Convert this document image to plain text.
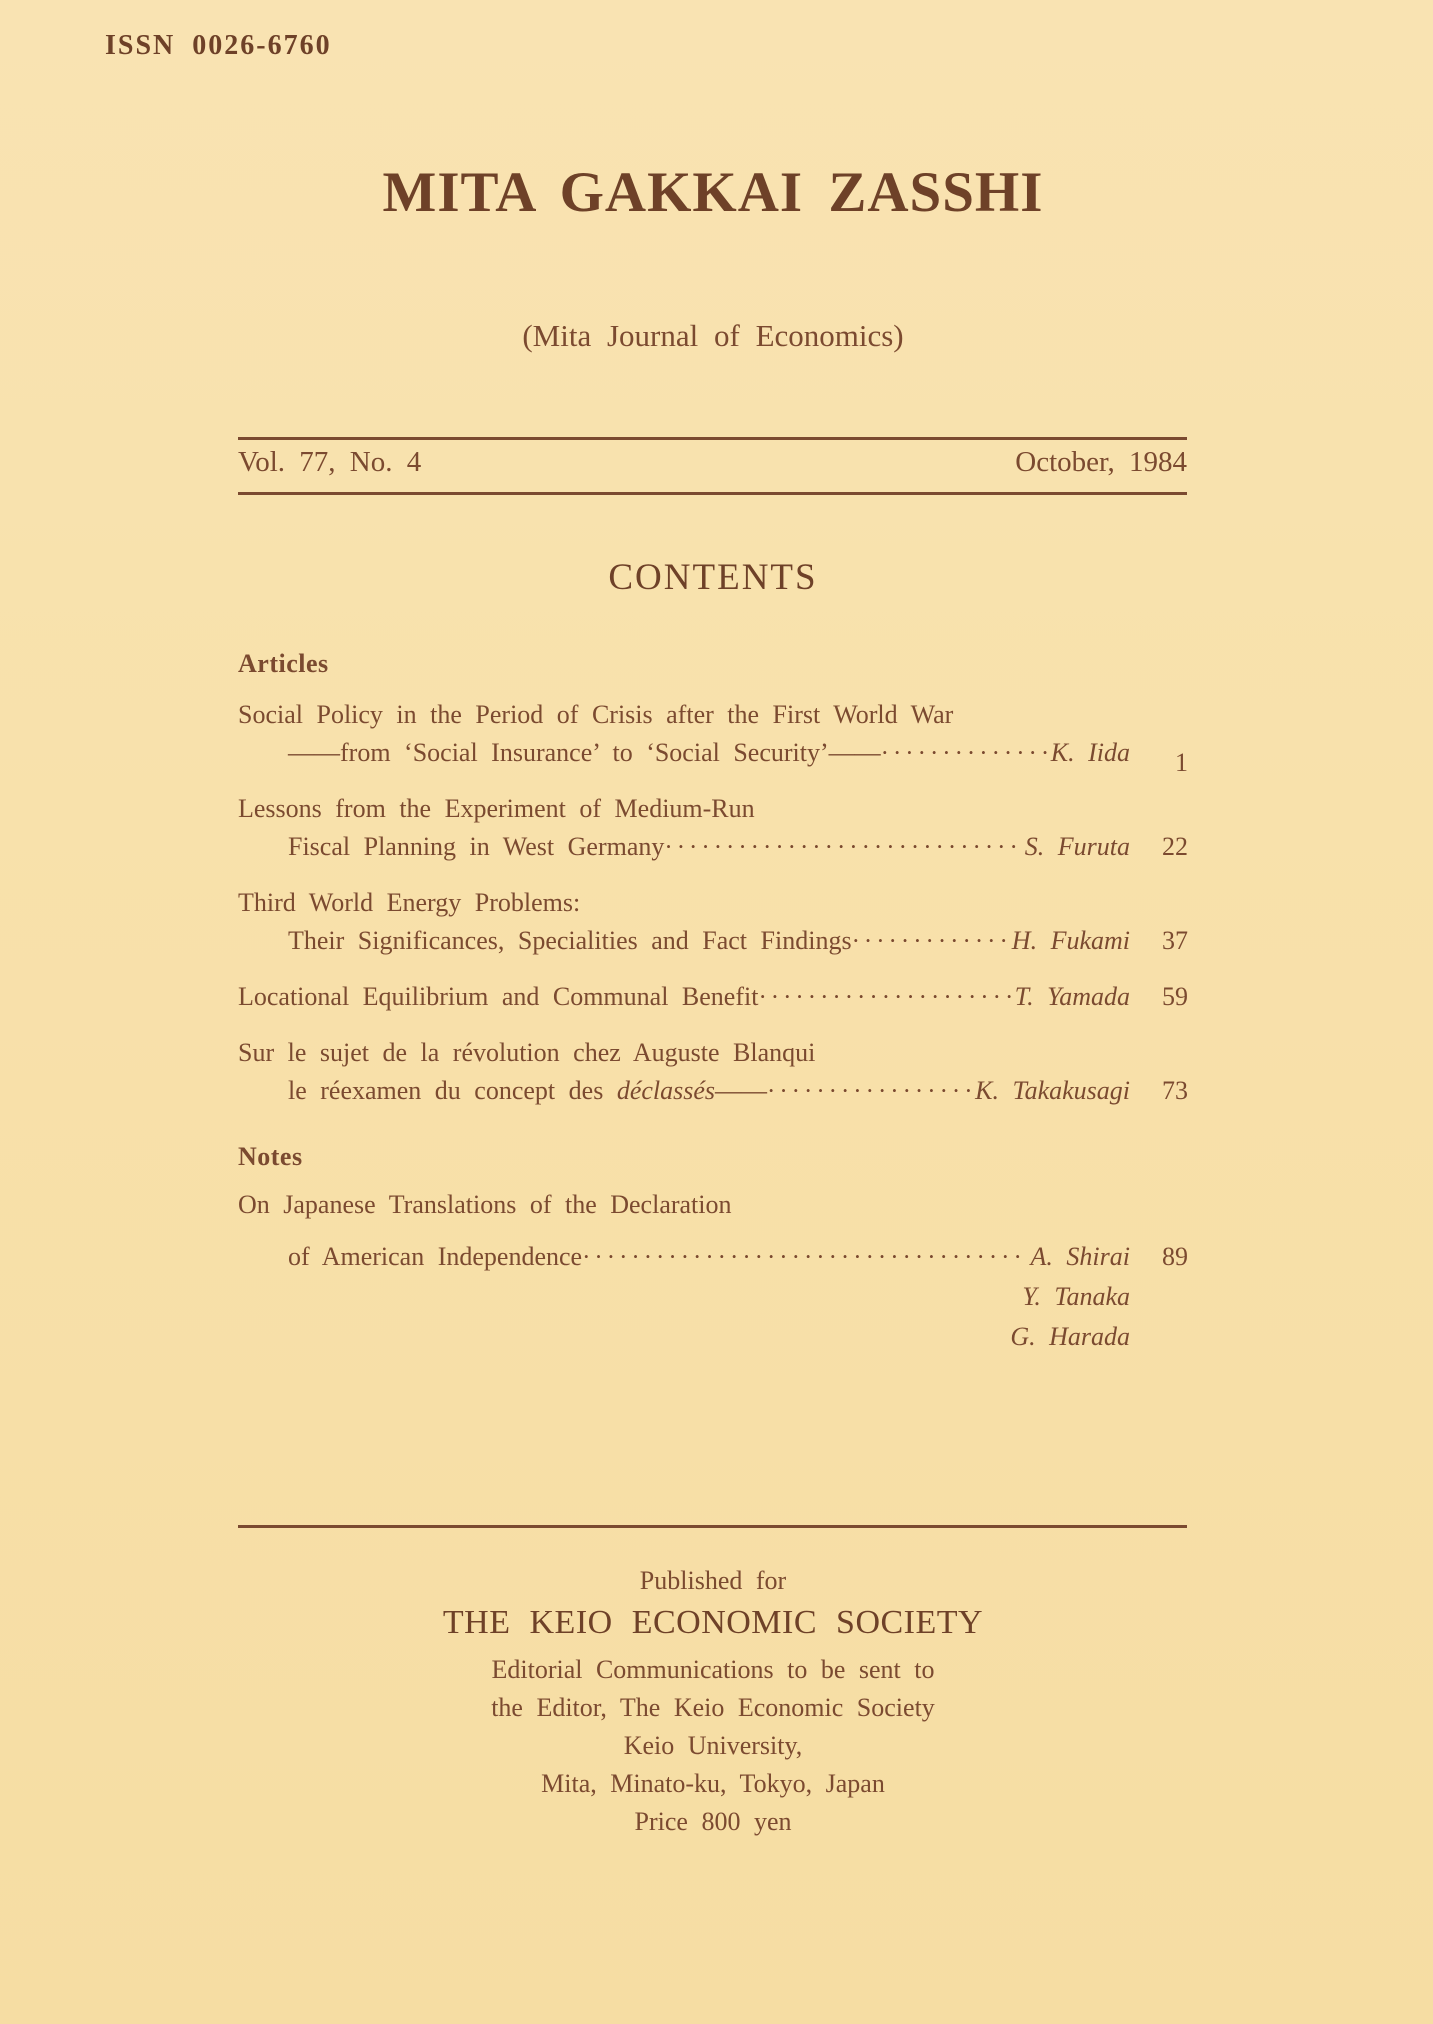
ISSN 0026-6760
MITA GAKKAI ZASSHI
(Mita Journal of Economics)
Vol. 77, No. 4	October, 1984
CONTENTS
Articles
Social Policy in the Period of Crisis after the First World War
——from ‘Social Insurance’ to ‘Social Security’—— ·····	K. Iida	1
Lessons from the Experiment of Medium-Run
Fiscal Planning in West Germany ·····	S. Furuta	22
Third World Energy Problems:
Their Significances, Specialities and Fact Findings ·····	H. Fukami	37
Locational Equilibrium and Communal Benefit ·····	T. Yamada	59
Sur le sujet de la révolution chez Auguste Blanqui
le réexamen du concept des déclassés—— ·····	K. Takakusagi	73
Notes
On Japanese Translations of the Declaration
of American Independence ·····	A. Shirai	89
Y. Tanaka
G. Harada
Published for
THE KEIO ECONOMIC SOCIETY
Editorial Communications to be sent to
the Editor, The Keio Economic Society
Keio University,
Mita, Minato-ku, Tokyo, Japan
Price 800 yen
